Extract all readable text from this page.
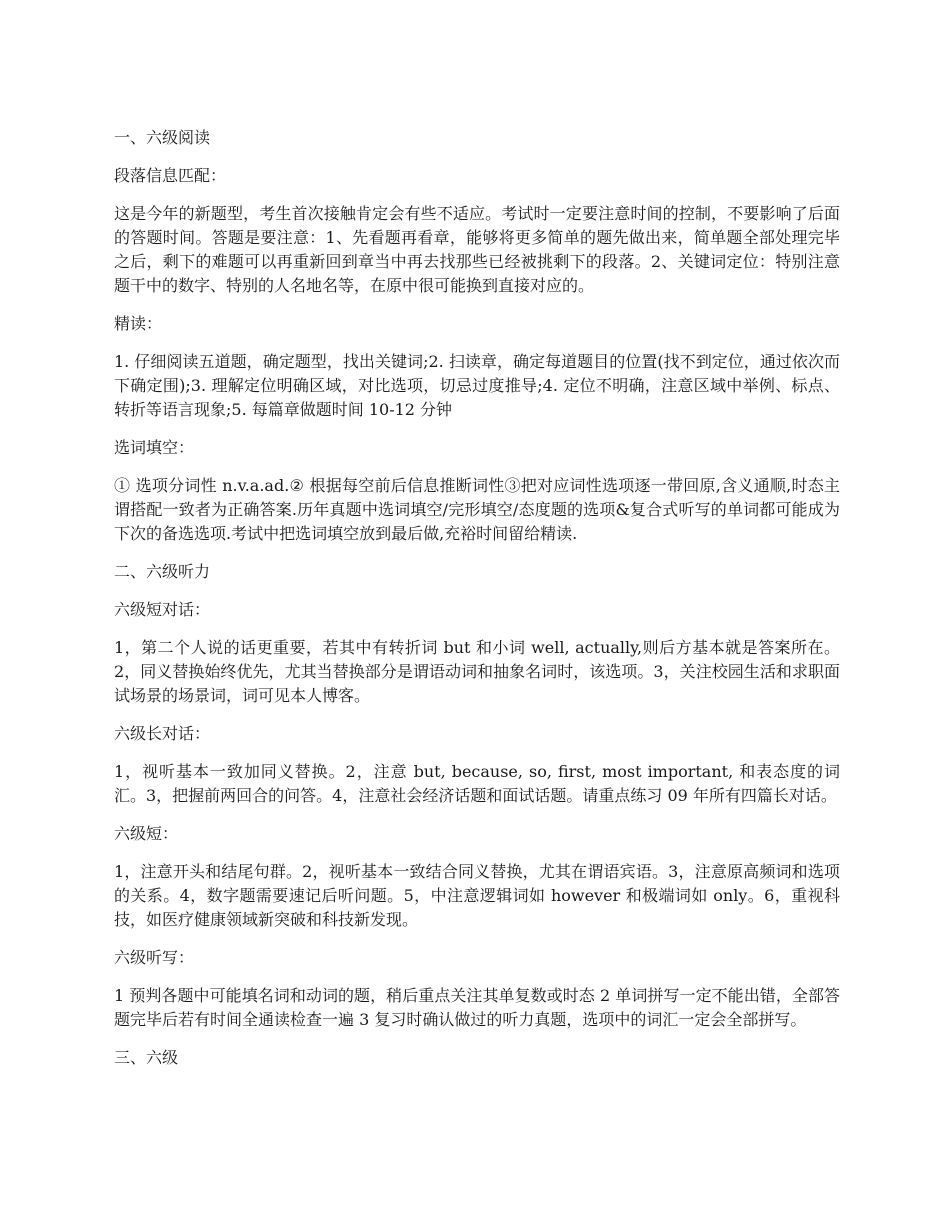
一、六级阅读

段落信息匹配：

这是今年的新题型，考生首次接触肯定会有些不适应。考试时一定要注意时间的控制，不要影响了后面的答题时间。答题是要注意：1、先看题再看章，能够将更多简单的题先做出来，简单题全部处理完毕之后，剩下的难题可以再重新回到章当中再去找那些已经被挑剩下的段落。2、关键词定位：特别注意题干中的数字、特别的人名地名等，在原中很可能换到直接对应的。

精读：

1. 仔细阅读五道题，确定题型，找出关键词;2. 扫读章，确定每道题目的位置(找不到定位，通过依次而下确定围);3. 理解定位明确区域，对比选项，切忌过度推导;4. 定位不明确，注意区域中举例、标点、转折等语言现象;5. 每篇章做题时间 10-12 分钟

选词填空：

① 选项分词性 n.v.a.ad.② 根据每空前后信息推断词性③把对应词性选项逐一带回原,含义通顺,时态主谓搭配一致者为正确答案.历年真题中选词填空/完形填空/态度题的选项&复合式听写的单词都可能成为下次的备选选项.考试中把选词填空放到最后做,充裕时间留给精读.

二、六级听力

六级短对话：

1，第二个人说的话更重要，若其中有转折词 but 和小词 well, actually,则后方基本就是答案所在。2，同义替换始终优先，尤其当替换部分是谓语动词和抽象名词时，该选项。3，关注校园生活和求职面试场景的场景词，词可见本人博客。

六级长对话：

1，视听基本一致加同义替换。2，注意 but, because, so, first, most important, 和表态度的词汇。3，把握前两回合的问答。4，注意社会经济话题和面试话题。请重点练习 09 年所有四篇长对话。

六级短：

1，注意开头和结尾句群。2，视听基本一致结合同义替换，尤其在谓语宾语。3，注意原高频词和选项的关系。4，数字题需要速记后听问题。5，中注意逻辑词如 however 和极端词如 only。6，重视科技，如医疗健康领域新突破和科技新发现。

六级听写：

1 预判各题中可能填名词和动词的题，稍后重点关注其单复数或时态 2 单词拼写一定不能出错，全部答题完毕后若有时间全通读检查一遍 3 复习时确认做过的听力真题，选项中的词汇一定会全部拼写。

三、六级
